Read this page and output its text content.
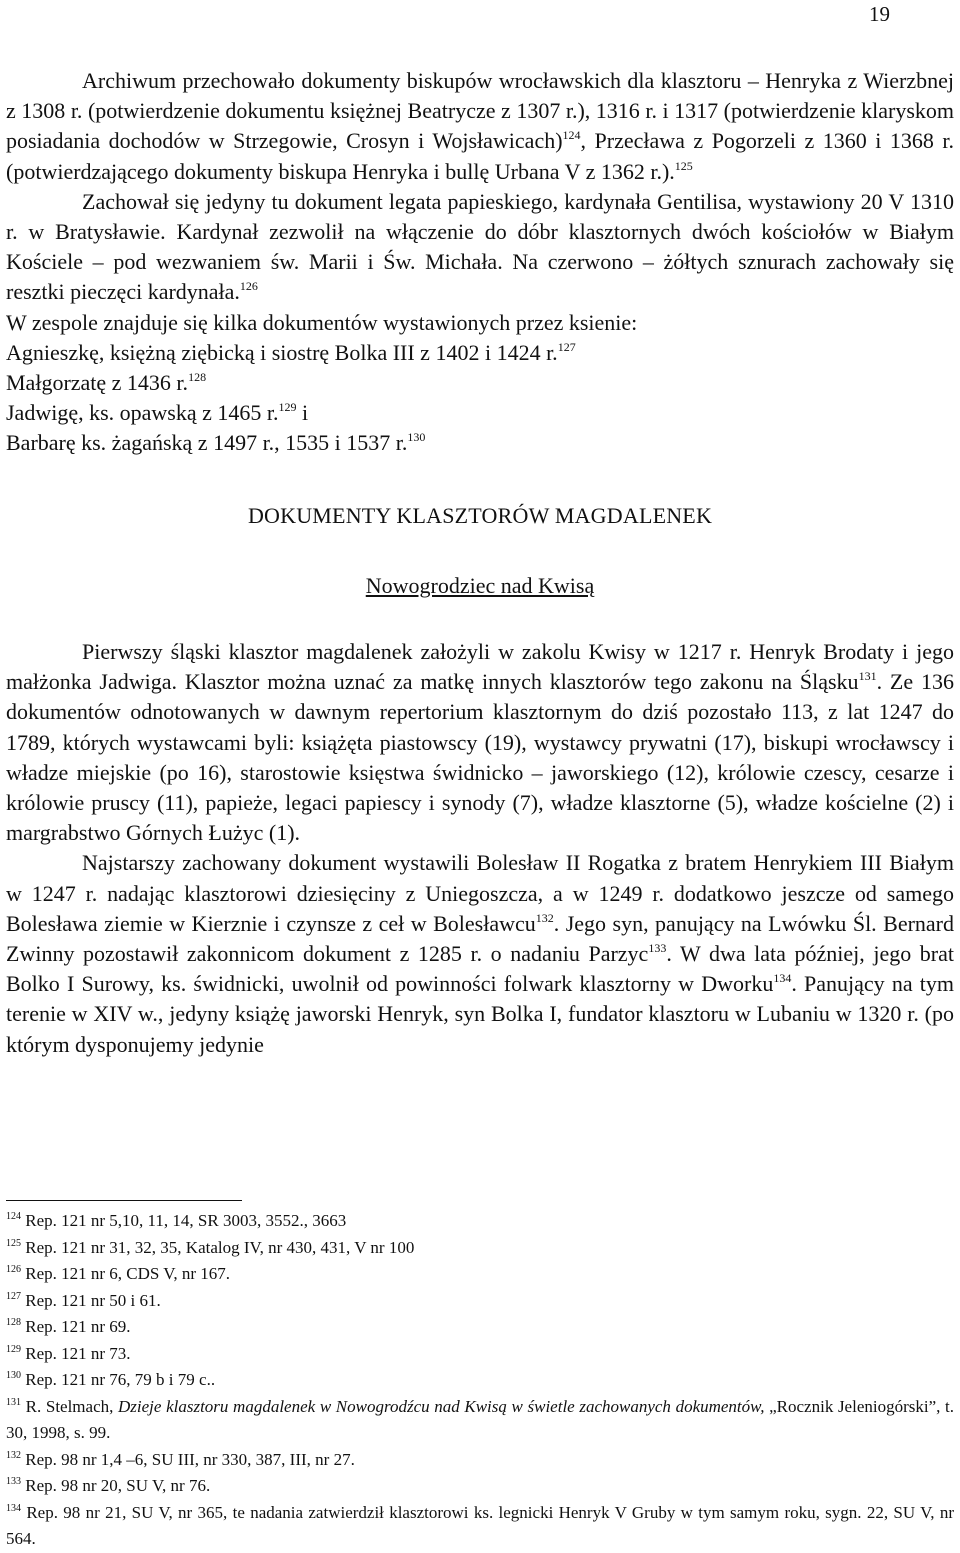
19

Archiwum przechowało dokumenty biskupów wrocławskich dla klasztoru – Henryka z Wierzbnej z 1308 r. (potwierdzenie dokumentu księżnej Beatrycze z 1307 r.), 1316 r. i 1317 (potwierdzenie klaryskom posiadania dochodów w Strzegowie, Crosyn i Wojsławicach)$^{124}$, Przecława z Pogorzeli z 1360 i 1368 r. (potwierdzającego dokumenty biskupa Henryka i bullę Urbana V z 1362 r.).$^{125}$

Zachował się jedyny tu dokument legata papieskiego, kardynała Gentilisa, wystawiony 20 V 1310 r. w Bratysławie. Kardynał zezwolił na włączenie do dóbr klasztornych dwóch kościołów w Białym Kościele – pod wezwaniem św. Marii i Św. Michała. Na czerwono – żółtych sznurach zachowały się resztki pieczęci kardynała.$^{126}$

W zespole znajduje się kilka dokumentów wystawionych przez ksienie:
Agnieszkę, księżną ziębicką i siostrę Bolka III z 1402 i 1424 r.$^{127}$
Małgorzatę z 1436 r.$^{128}$
Jadwigę, ks. opawską z 1465 r.$^{129}$ i
Barbarę ks. żagańską z 1497 r., 1535 i 1537 r.$^{130}$

DOKUMENTY KLASZTORÓW MAGDALENEK
Nowogrodziec nad Kwisą

Pierwszy śląski klasztor magdalenek założyli w zakolu Kwisy w 1217 r. Henryk Brodaty i jego małżonka Jadwiga. Klasztor można uznać za matkę innych klasztorów tego zakonu na Śląsku$^{131}$. Ze 136 dokumentów odnotowanych w dawnym repertorium klasztornym do dziś pozostało 113, z lat 1247 do 1789, których wystawcami byli: książęta piastowscy (19), wystawcy prywatni (17), biskupi wrocławscy i władze miejskie (po 16), starostowie księstwa świdnicko – jaworskiego (12), królowie czescy, cesarze i królowie pruscy (11), papieże, legaci papiescy i synody (7), władze klasztorne (5), władze kościelne (2) i margrabstwo Górnych Łużyc (1).

Najstarszy zachowany dokument wystawili Bolesław II Rogatka z bratem Henrykiem III Białym w 1247 r. nadając klasztorowi dziesięciny z Uniegoszcza, a w 1249 r. dodatkowo jeszcze od samego Bolesława ziemie w Kierznie i czynsze z ceł w Bolesławcu$^{132}$. Jego syn, panujący na Lwówku Śl. Bernard Zwinny pozostawił zakonnicom dokument z 1285 r. o nadaniu Parzyc$^{133}$. W dwa lata później, jego brat Bolko I Surowy, ks. świdnicki, uwolnił od powinności folwark klasztorny w Dworku$^{134}$. Panujący na tym terenie w XIV w., jedyny książę jaworski Henryk, syn Bolka I, fundator klasztoru w Lubaniu w 1320 r. (po którym dysponujemy jedynie

$^{124}$ Rep. 121 nr 5,10, 11, 14, SR 3003, 3552., 3663

$^{125}$ Rep. 121 nr 31, 32, 35, Katalog IV, nr 430, 431, V nr 100

$^{126}$ Rep. 121 nr 6, CDS V, nr 167.

$^{127}$ Rep. 121 nr 50 i 61.

$^{128}$ Rep. 121 nr 69.

$^{129}$ Rep. 121 nr 73.

$^{130}$ Rep. 121 nr 76, 79 b i 79 c..

$^{131}$ R. Stelmach, Dzieje klasztoru magdalenek w Nowogrodźcu nad Kwisą w świetle zachowanych dokumentów, „Rocznik Jeleniogórski”, t. 30, 1998, s. 99.

$^{132}$ Rep. 98 nr 1,4 –6, SU III, nr 330, 387, III, nr 27.

$^{133}$ Rep. 98 nr 20, SU V, nr 76.

$^{134}$ Rep. 98 nr 21, SU V, nr 365, te nadania zatwierdził klasztorowi ks. legnicki Henryk V Gruby w tym samym roku, sygn. 22, SU V, nr 564.
